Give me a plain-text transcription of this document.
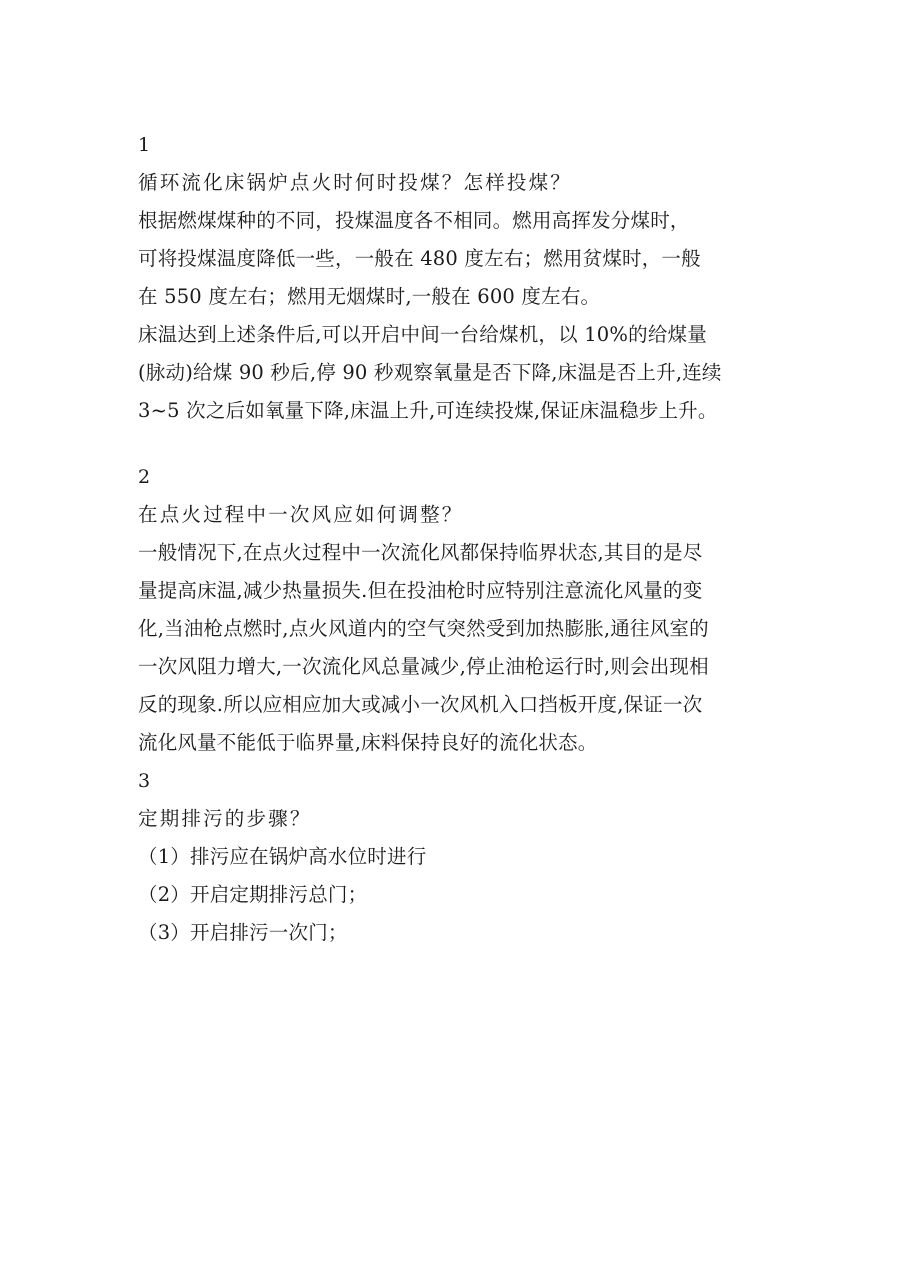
1
循环流化床锅炉点火时何时投煤？怎样投煤？
根据燃煤煤种的不同，投煤温度各不相同。燃用高挥发分煤时，
可将投煤温度降低一些，一般在 480 度左右；燃用贫煤时，一般
在 550 度左右；燃用无烟煤时,一般在 600 度左右。
床温达到上述条件后,可以开启中间一台给煤机，以 10%的给煤量
(脉动)给煤 90 秒后,停 90 秒观察氧量是否下降,床温是否上升,连续
3~5 次之后如氧量下降,床温上升,可连续投煤,保证床温稳步上升。
2
在点火过程中一次风应如何调整？
一般情况下,在点火过程中一次流化风都保持临界状态,其目的是尽
量提高床温,减少热量损失.但在投油枪时应特别注意流化风量的变
化,当油枪点燃时,点火风道内的空气突然受到加热膨胀,通往风室的
一次风阻力增大,一次流化风总量减少,停止油枪运行时,则会出现相
反的现象.所以应相应加大或减小一次风机入口挡板开度,保证一次
流化风量不能低于临界量,床料保持良好的流化状态。
3
定期排污的步骤？
（1）排污应在锅炉高水位时进行
（2）开启定期排污总门；
（3）开启排污一次门；
